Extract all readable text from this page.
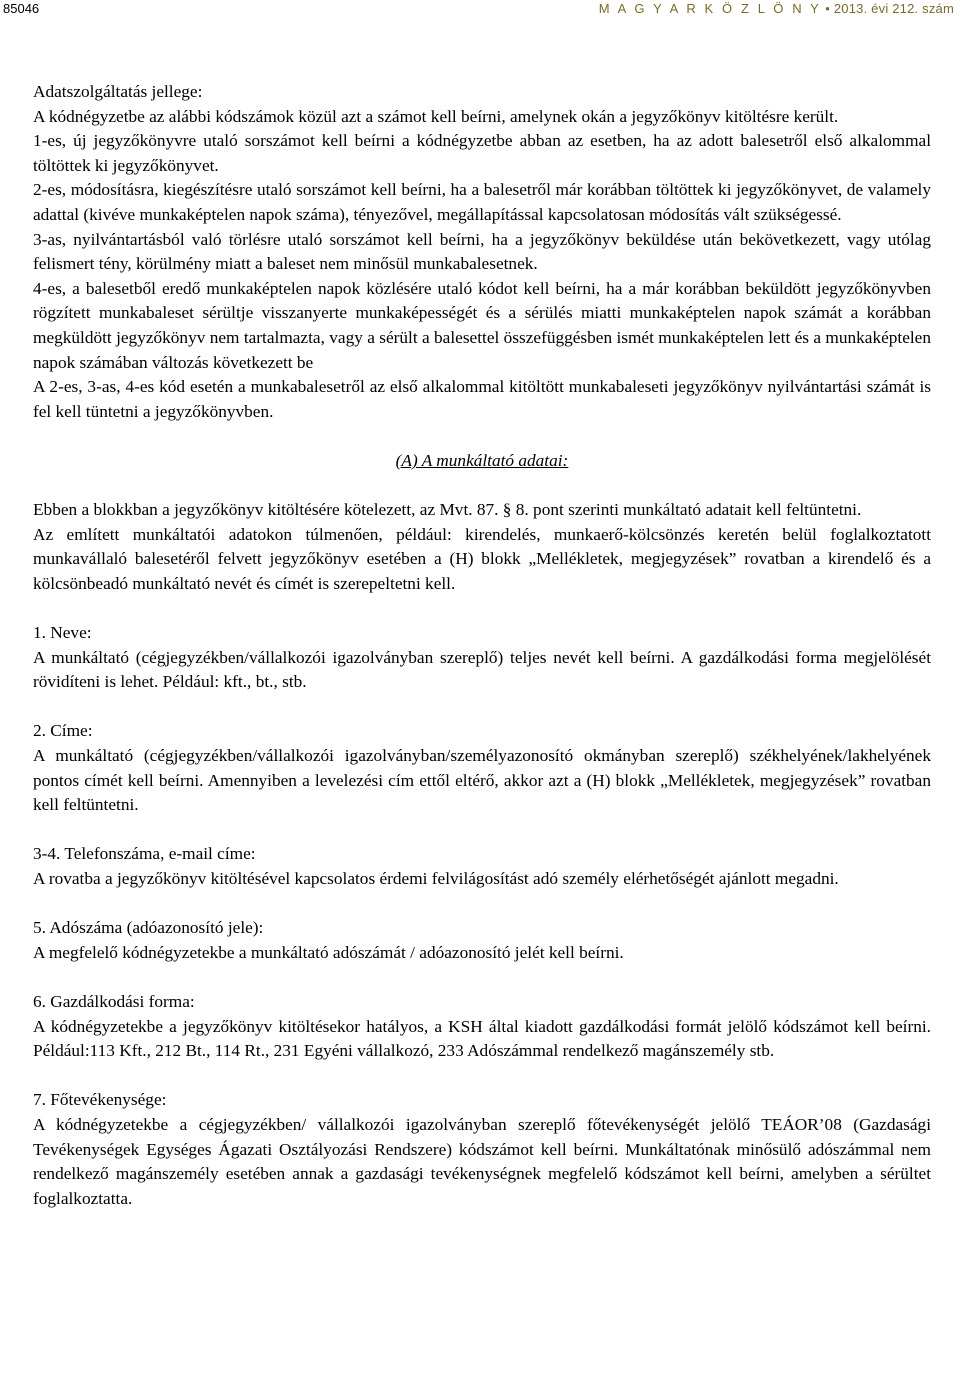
85046	M A G Y A R K Ö Z L Ö N Y • 2013. évi 212. szám

Adatszolgáltatás jellege:

A kódnégyzetbe az alábbi kódszámok közül azt a számot kell beírni, amelynek okán a jegyzőkönyv kitöltésre került.

1-es, új jegyzőkönyvre utaló sorszámot kell beírni a kódnégyzetbe abban az esetben, ha az adott balesetről első alkalommal töltöttek ki jegyzőkönyvet.

2-es, módosításra, kiegészítésre utaló sorszámot kell beírni, ha a balesetről már korábban töltöttek ki jegyzőkönyvet, de valamely adattal (kivéve munkaképtelen napok száma), tényezővel, megállapítással kapcsolatosan módosítás vált szükségessé.

3-as, nyilvántartásból való törlésre utaló sorszámot kell beírni, ha a jegyzőkönyv beküldése után bekövetkezett, vagy utólag felismert tény, körülmény miatt a baleset nem minősül munkabalesetnek.

4-es, a balesetből eredő munkaképtelen napok közlésére utaló kódot kell beírni, ha a már korábban beküldött jegyzőkönyvben rögzített munkabaleset sérültje visszanyerte munkaképességét és a sérülés miatti munkaképtelen napok számát a korábban megküldött jegyzőkönyv nem tartalmazta, vagy a sérült a balesettel összefüggésben ismét munkaképtelen lett és a munkaképtelen napok számában változás következett be

A 2-es, 3-as, 4-es kód esetén a munkabalesetről az első alkalommal kitöltött munkabaleseti jegyzőkönyv nyilvántartási számát is fel kell tüntetni a jegyzőkönyvben.

(A) A munkáltató adatai:

Ebben a blokkban a jegyzőkönyv kitöltésére kötelezett, az Mvt. 87. § 8. pont szerinti munkáltató adatait kell feltüntetni.

Az említett munkáltatói adatokon túlmenően, például: kirendelés, munkaerő-kölcsönzés keretén belül foglalkoztatott munkavállaló balesetéről felvett jegyzőkönyv esetében a (H) blokk „Mellékletek, megjegyzések” rovatban a kirendelő és a kölcsönbeadó munkáltató nevét és címét is szerepeltetni kell.

1. Neve:

A munkáltató (cégjegyzékben/vállalkozói igazolványban szereplő) teljes nevét kell beírni. A gazdálkodási forma megjelölését rövidíteni is lehet. Például: kft., bt., stb.

2. Címe:

A munkáltató (cégjegyzékben/vállalkozói igazolványban/személyazonosító okmányban szereplő) székhelyének/lakhelyének pontos címét kell beírni. Amennyiben a levelezési cím ettől eltérő, akkor azt a (H) blokk „Mellékletek, megjegyzések” rovatban kell feltüntetni.

3-4. Telefonszáma, e-mail címe:

A rovatba a jegyzőkönyv kitöltésével kapcsolatos érdemi felvilágosítást adó személy elérhetőségét ajánlott megadni.

5. Adószáma (adóazonosító jele):

A megfelelő kódnégyzetekbe a munkáltató adószámát / adóazonosító jelét kell beírni.

6. Gazdálkodási forma:

A kódnégyzetekbe a jegyzőkönyv kitöltésekor hatályos, a KSH által kiadott gazdálkodási formát jelölő kódszámot kell beírni. Például:113 Kft., 212 Bt., 114 Rt., 231 Egyéni vállalkozó, 233 Adószámmal rendelkező magánszemély stb.

7. Főtevékenysége:

A kódnégyzetekbe a cégjegyzékben/ vállalkozói igazolványban szereplő főtevékenységét jelölő TEÁOR’08 (Gazdasági Tevékenységek Egységes Ágazati Osztályozási Rendszere) kódszámot kell beírni. Munkáltatónak minősülő adószámmal nem rendelkező magánszemély esetében annak a gazdasági tevékenységnek megfelelő kódszámot kell beírni, amelyben a sérültet foglalkoztatta.
